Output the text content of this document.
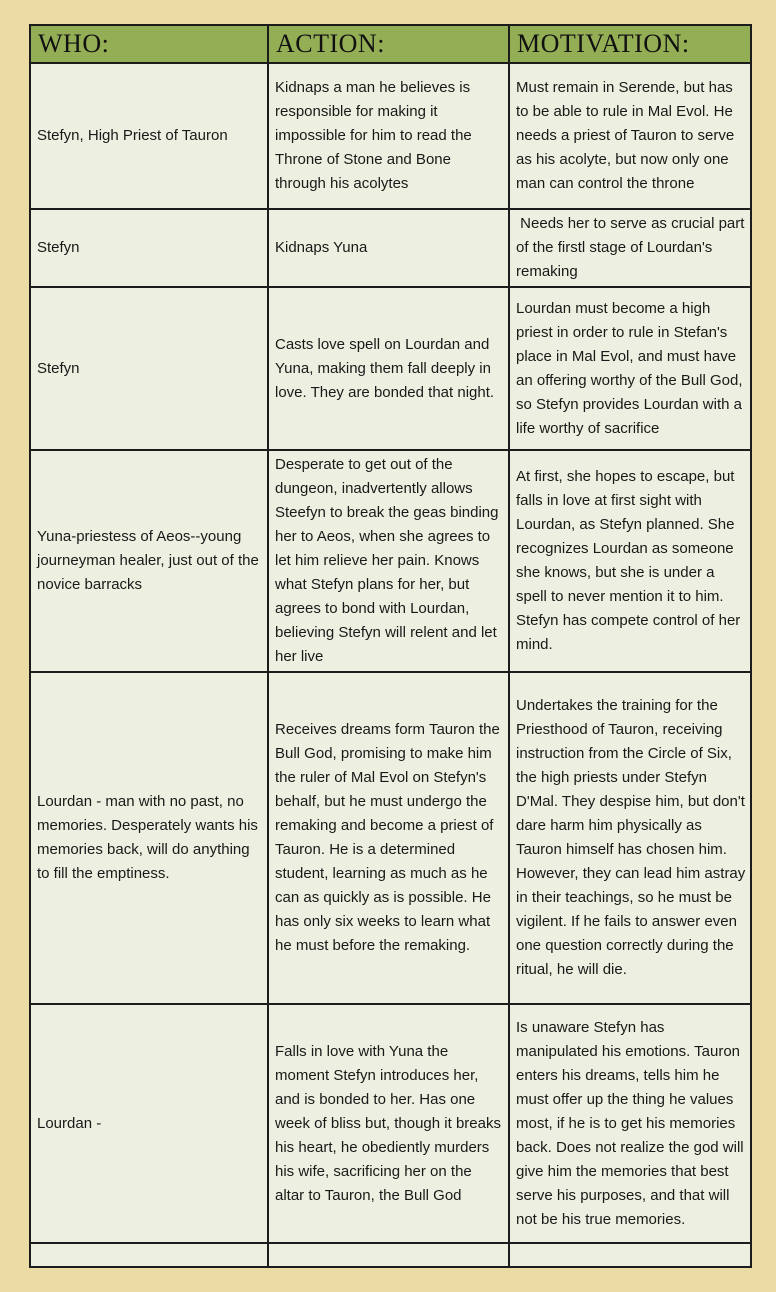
WHO:	ACTION:	MOTIVATION:
Stefyn, High Priest of Tauron	Kidnaps a man he believes is responsible for making it impossible for him to read the Throne of Stone and Bone through his acolytes	Must remain in Serende, but has to be able to rule in Mal Evol. He needs a priest of Tauron to serve as his acolyte, but now only one man can control the throne
Stefyn	Kidnaps Yuna	Needs her to serve as crucial part of the firstl stage of Lourdan's remaking
Stefyn	Casts love spell on Lourdan and Yuna, making them fall deeply in love. They are bonded that night.	Lourdan must become a high priest in order to rule in Stefan's place in Mal Evol, and must have an offering worthy of the Bull God, so Stefyn provides Lourdan with a life worthy of sacrifice
Yuna-priestess of Aeos--young journeyman healer, just out of the novice barracks	Desperate to get out of the dungeon, inadvertently allows Steefyn to break the geas binding her to Aeos, when she agrees to let him relieve her pain. Knows what Stefyn plans for her, but agrees to bond with Lourdan, believing Stefyn will relent and let her live	At first, she hopes to escape, but falls in love at first sight with Lourdan, as Stefyn planned. She recognizes Lourdan as someone she knows, but she is under a spell to never mention it to him. Stefyn has compete control of her mind.
Lourdan - man with no past, no memories. Desperately wants his memories back, will do anything to fill the emptiness.	Receives dreams form Tauron the Bull God, promising to make him the ruler of Mal Evol on Stefyn's behalf, but he must undergo the remaking and become a priest of Tauron. He is a determined student, learning as much as he can as quickly as is possible. He has only six weeks to learn what he must before the remaking.	Undertakes the training for the Priesthood of Tauron, receiving instruction from the Circle of Six, the high priests under Stefyn D'Mal. They despise him, but don't dare harm him physically as Tauron himself has chosen him. However, they can lead him astray in their teachings, so he must be vigilent. If he fails to answer even one question correctly during the ritual, he will die.
Lourdan -	Falls in love with Yuna the moment Stefyn introduces her, and is bonded to her. Has one week of bliss but, though it breaks his heart, he obediently murders his wife, sacrificing her on the altar to Tauron, the Bull God	Is unaware Stefyn has manipulated his emotions. Tauron enters his dreams, tells him he must offer up the thing he values most, if he is to get his memories back. Does not realize the god will give him the memories that best serve his purposes, and that will not be his true memories.
